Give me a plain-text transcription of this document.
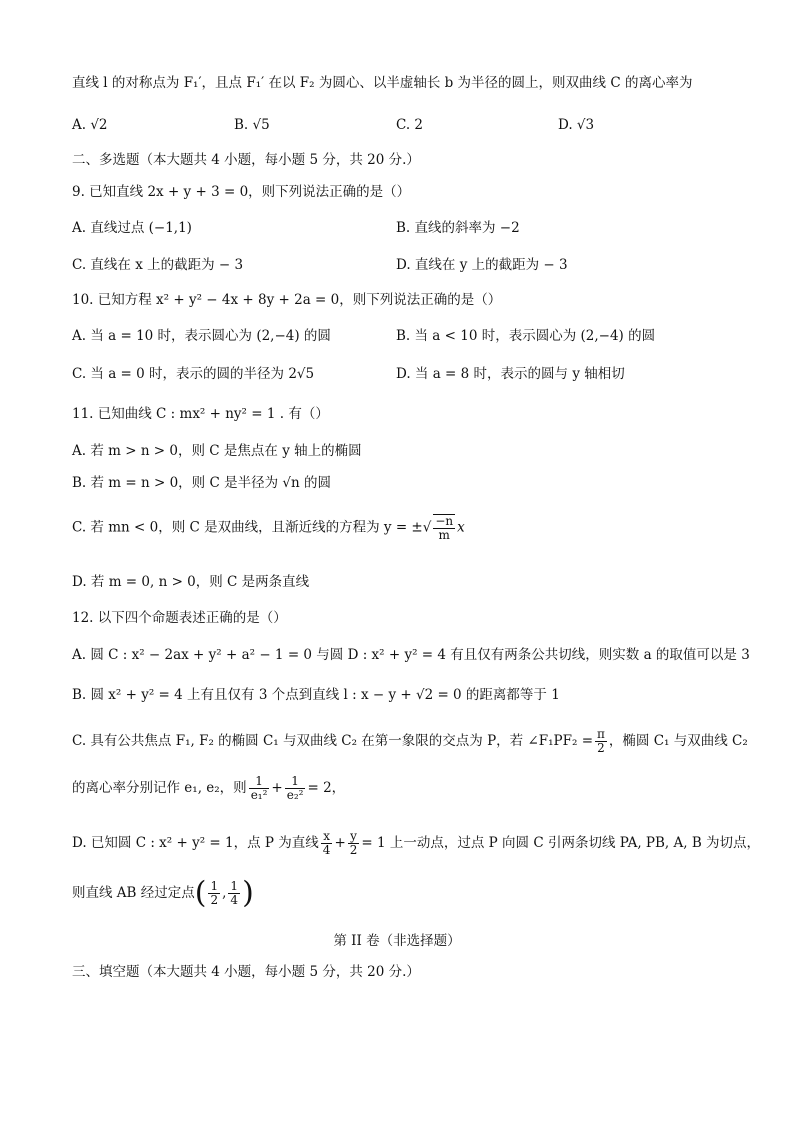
直线 l 的对称点为 F₁′，且点 F₁′ 在以 F₂ 为圆心、以半虚轴长 b 为半径的圆上，则双曲线 C 的离心率为
A. √2	B. √5	C. 2	D. √3
二、多选题（本大题共 4 小题，每小题 5 分，共 20 分.）
9. 已知直线 2x + y + 3 = 0，则下列说法正确的是（）
A. 直线过点 (−1,1)	B. 直线的斜率为 −2
C. 直线在 x 上的截距为 − 3	D. 直线在 y 上的截距为 − 3
10. 已知方程 x² + y² − 4x + 8y + 2a = 0，则下列说法正确的是（）
A. 当 a = 10 时，表示圆心为 (2,−4) 的圆	B. 当 a < 10 时，表示圆心为 (2,−4) 的圆
C. 当 a = 0 时，表示的圆的半径为 2√5	D. 当 a = 8 时，表示的圆与 y 轴相切
11. 已知曲线 C : mx² + ny² = 1 . 有（）
A. 若 m > n > 0，则 C 是焦点在 y 轴上的椭圆
B. 若 m = n > 0，则 C 是半径为 √n 的圆
C. 若 mn < 0，则 C 是双曲线，且渐近线的方程为 y = ±√ $\frac{-n}{m}$ x
D. 若 m = 0, n > 0，则 C 是两条直线
12. 以下四个命题表述正确的是（）
A. 圆 C : x² − 2ax + y² + a² − 1 = 0 与圆 D : x² + y² = 4 有且仅有两条公共切线，则实数 a 的取值可以是 3
B. 圆 x² + y² = 4 上有且仅有 3 个点到直线 l : x − y + √2 = 0 的距离都等于 1
C. 具有公共焦点 F₁, F₂ 的椭圆 C₁ 与双曲线 C₂ 在第一象限的交点为 P，若 ∠F₁PF₂ = $\frac{\pi}{2}$ ，椭圆 C₁ 与双曲线 C₂
的离心率分别记作 e₁, e₂，则 $\frac{1}{\text{e₁²}} + \frac{1}{\text{e₂²}} = 2$，
D. 已知圆 C : x² + y² = 1，点 P 为直线 $\frac{x}{4} + \frac{y}{2} = 1$ 上一动点，过点 P 向圆 C 引两条切线 PA, PB, A, B 为切点，
则直线 AB 经过定点( $\frac{1}{2}$ , $\frac{1}{4}$ )
第 II 卷（非选择题）
三、填空题（本大题共 4 小题，每小题 5 分，共 20 分.）
